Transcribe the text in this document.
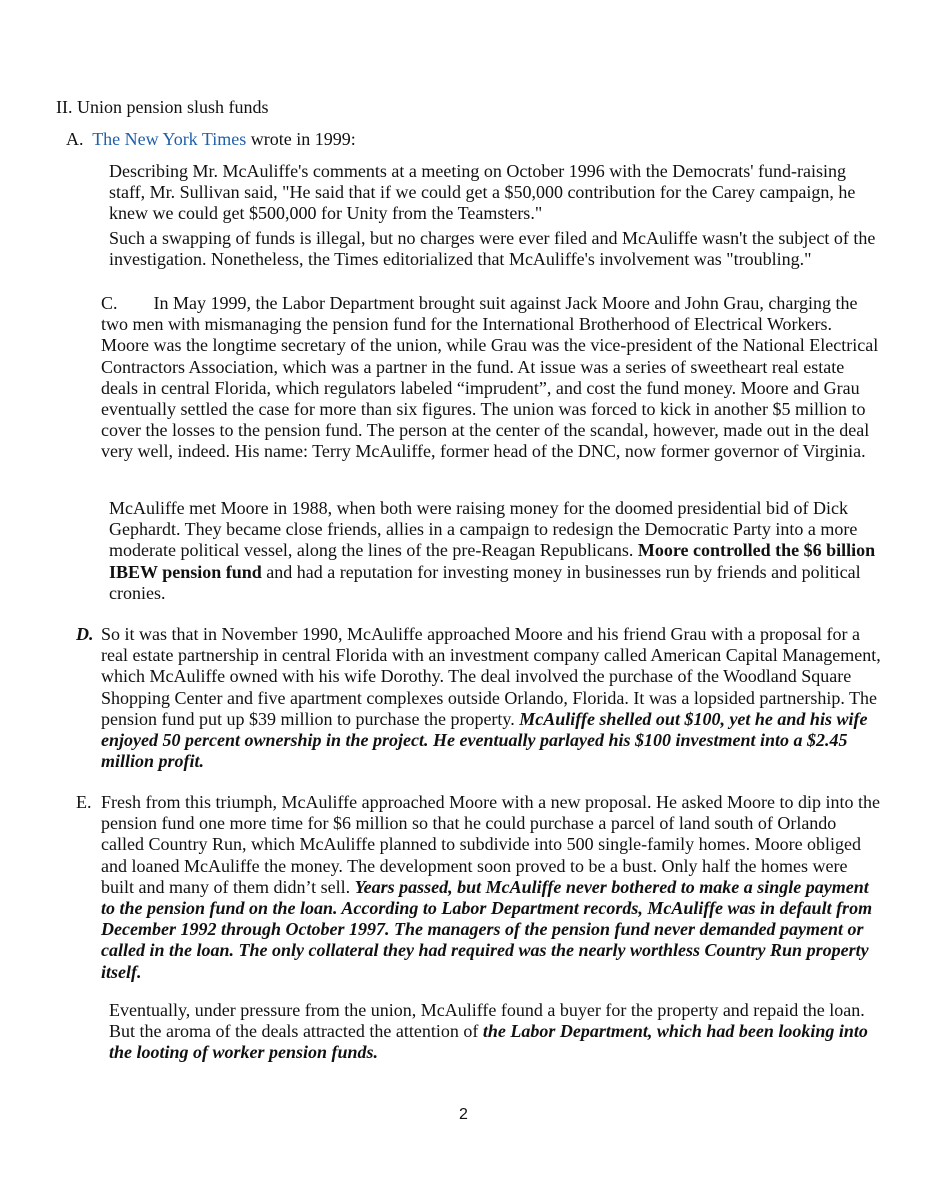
II. Union pension slush funds
A. The New York Times wrote in 1999:

Describing Mr. McAuliffe's comments at a meeting on October 1996 with the Democrats' fund-raising staff, Mr. Sullivan said, "He said that if we could get a $50,000 contribution for the Carey campaign, he knew we could get $500,000 for Unity from the Teamsters."

Such a swapping of funds is illegal, but no charges were ever filed and McAuliffe wasn't the subject of the investigation. Nonetheless, the Times editorialized that McAuliffe's involvement was "troubling."

C. In May 1999, the Labor Department brought suit against Jack Moore and John Grau, charging the two men with mismanaging the pension fund for the International Brotherhood of Electrical Workers. Moore was the longtime secretary of the union, while Grau was the vice-president of the National Electrical Contractors Association, which was a partner in the fund. At issue was a series of sweetheart real estate deals in central Florida, which regulators labeled “imprudent”, and cost the fund money. Moore and Grau eventually settled the case for more than six figures. The union was forced to kick in another $5 million to cover the losses to the pension fund. The person at the center of the scandal, however, made out in the deal very well, indeed. His name: Terry McAuliffe, former head of the DNC, now former governor of Virginia.

McAuliffe met Moore in 1988, when both were raising money for the doomed presidential bid of Dick Gephardt. They became close friends, allies in a campaign to redesign the Democratic Party into a more moderate political vessel, along the lines of the pre-Reagan Republicans. Moore controlled the $6 billion IBEW pension fund and had a reputation for investing money in businesses run by friends and political cronies.

D. So it was that in November 1990, McAuliffe approached Moore and his friend Grau with a proposal for a real estate partnership in central Florida with an investment company called American Capital Management, which McAuliffe owned with his wife Dorothy. The deal involved the purchase of the Woodland Square Shopping Center and five apartment complexes outside Orlando, Florida. It was a lopsided partnership. The pension fund put up $39 million to purchase the property. McAuliffe shelled out $100, yet he and his wife enjoyed 50 percent ownership in the project. He eventually parlayed his $100 investment into a $2.45 million profit.

E. Fresh from this triumph, McAuliffe approached Moore with a new proposal. He asked Moore to dip into the pension fund one more time for $6 million so that he could purchase a parcel of land south of Orlando called Country Run, which McAuliffe planned to subdivide into 500 single-family homes. Moore obliged and loaned McAuliffe the money. The development soon proved to be a bust. Only half the homes were built and many of them didn’t sell. Years passed, but McAuliffe never bothered to make a single payment to the pension fund on the loan. According to Labor Department records, McAuliffe was in default from December 1992 through October 1997. The managers of the pension fund never demanded payment or called in the loan. The only collateral they had required was the nearly worthless Country Run property itself.

Eventually, under pressure from the union, McAuliffe found a buyer for the property and repaid the loan. But the aroma of the deals attracted the attention of the Labor Department, which had been looking into the looting of worker pension funds.

2
